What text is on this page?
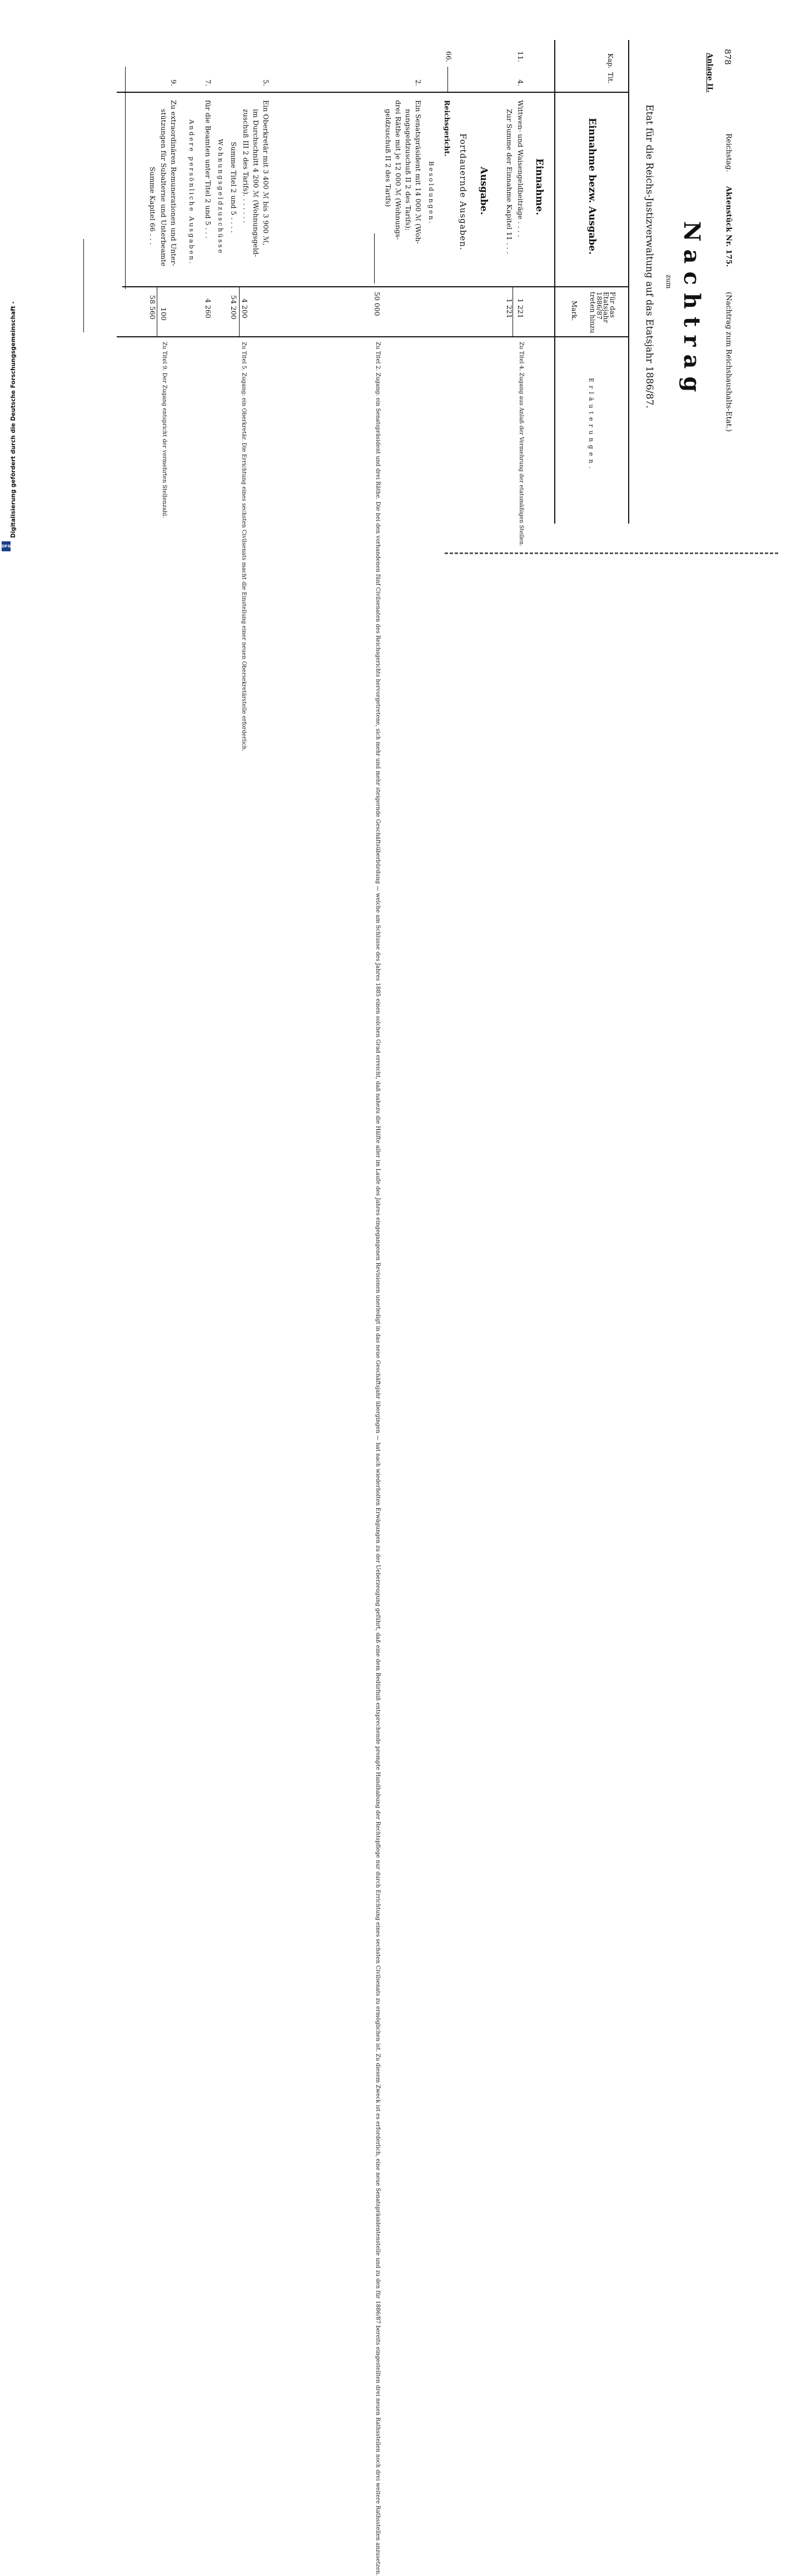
Digitalisierung gefördert durch die Deutsche Forschungsgemeinschaft -
DFG
Einnahme.
11.
4.
Wittwen- und Waisengeldbeiträge . . . .
Zur Summe der Einnahme Kapitel 11 . . .
1 221
1 221
Zu Titel 4. Zugang aus Anlaß der Vermehrung der etatsmäßigen Stellen.
Ausgabe.
Fortdauernde Ausgaben.
66.
Reichsgericht.
Besoldungen.
2.
Ein Senatspräsident mit 14 000 ℳ (Woh-
nungsgeldzuschuß II 2 des Tarifs);
drei Räthe mit je 12 000 ℳ (Wohnungs-
geldzuschuß II 2 des Tarifs)
50 000
Zu Titel 2. Zugang: ein Senatspräsident und drei Räthe. Die bei den vorhandenen fünf Civilsenaten des Reichsgerichts hervorgetretene, sich mehr und mehr steigernde Geschäftsüberbürdung — welche am Schlusse des Jahres 1885 einen solchen Grad erreicht, daß nahezu die Hälfte aller im Laufe des Jahres eingegangenen Revisionen unerledigt in das neue Geschäftsjahr übergingen — hat nach wiederholten Erwägungen zu der Ueberzeugung geführt, daß eine dem Bedürfniß entsprechende prompte Handhabung der Rechtspflege nur durch Errichtung eines sechsten Civilsenats zu ermöglichen ist. Zu diesem Zweck ist es erforderlich, eine neue Senatspräsidentenstelle und zu den für 1886/87 bereits eingestellten drei neuen Rathsstellen noch drei weitere Rathsstellen anzusetzen.
5.
Ein Oberkretär mit 3 400 ℳ bis 3 900 ℳ,
im Durchschnitt 4 200 ℳ (Wohnungsgeld-
zuschuß III 2 des Tarifs). . . . . . .
Summe Titel 2 und 5 . . . .
4 200
54 200
Zu Titel 5. Zugang: ein Oberkretär. Die Errichtung eines sechsten Civilsenats macht die Einstellung einer neuen Obersekretärstelle erforderlich.
Wohnungsgeldzuschüsse
7.
für die Beamten unter Titel 2 und 5 . . .
4 260
Andere persönliche Ausgaben.
9.
Zu extraordinären Remunerationen und Unter-
stützungen für Subalterne und Unterbeamte
Summe Kapitel 66 . . .
100
58 560
Zu Titel 9. Der Zugang entspricht der vermehrten Stellenzahl.
878
Reichstag.
Aktenstück Nr. 175.
(Nachtrag zum Reichshaushalts-Etat.)
Anlage II.
Nachtrag
zum
Etat für die Reichs-Justizverwaltung auf das Etatsjahr 1886/87.
Kap.
Tit.
Einnahme bezw. Ausgabe.
Für das
Etatsjahr
1886/87
treten hinzu
Mark.
Erläuterungen.
